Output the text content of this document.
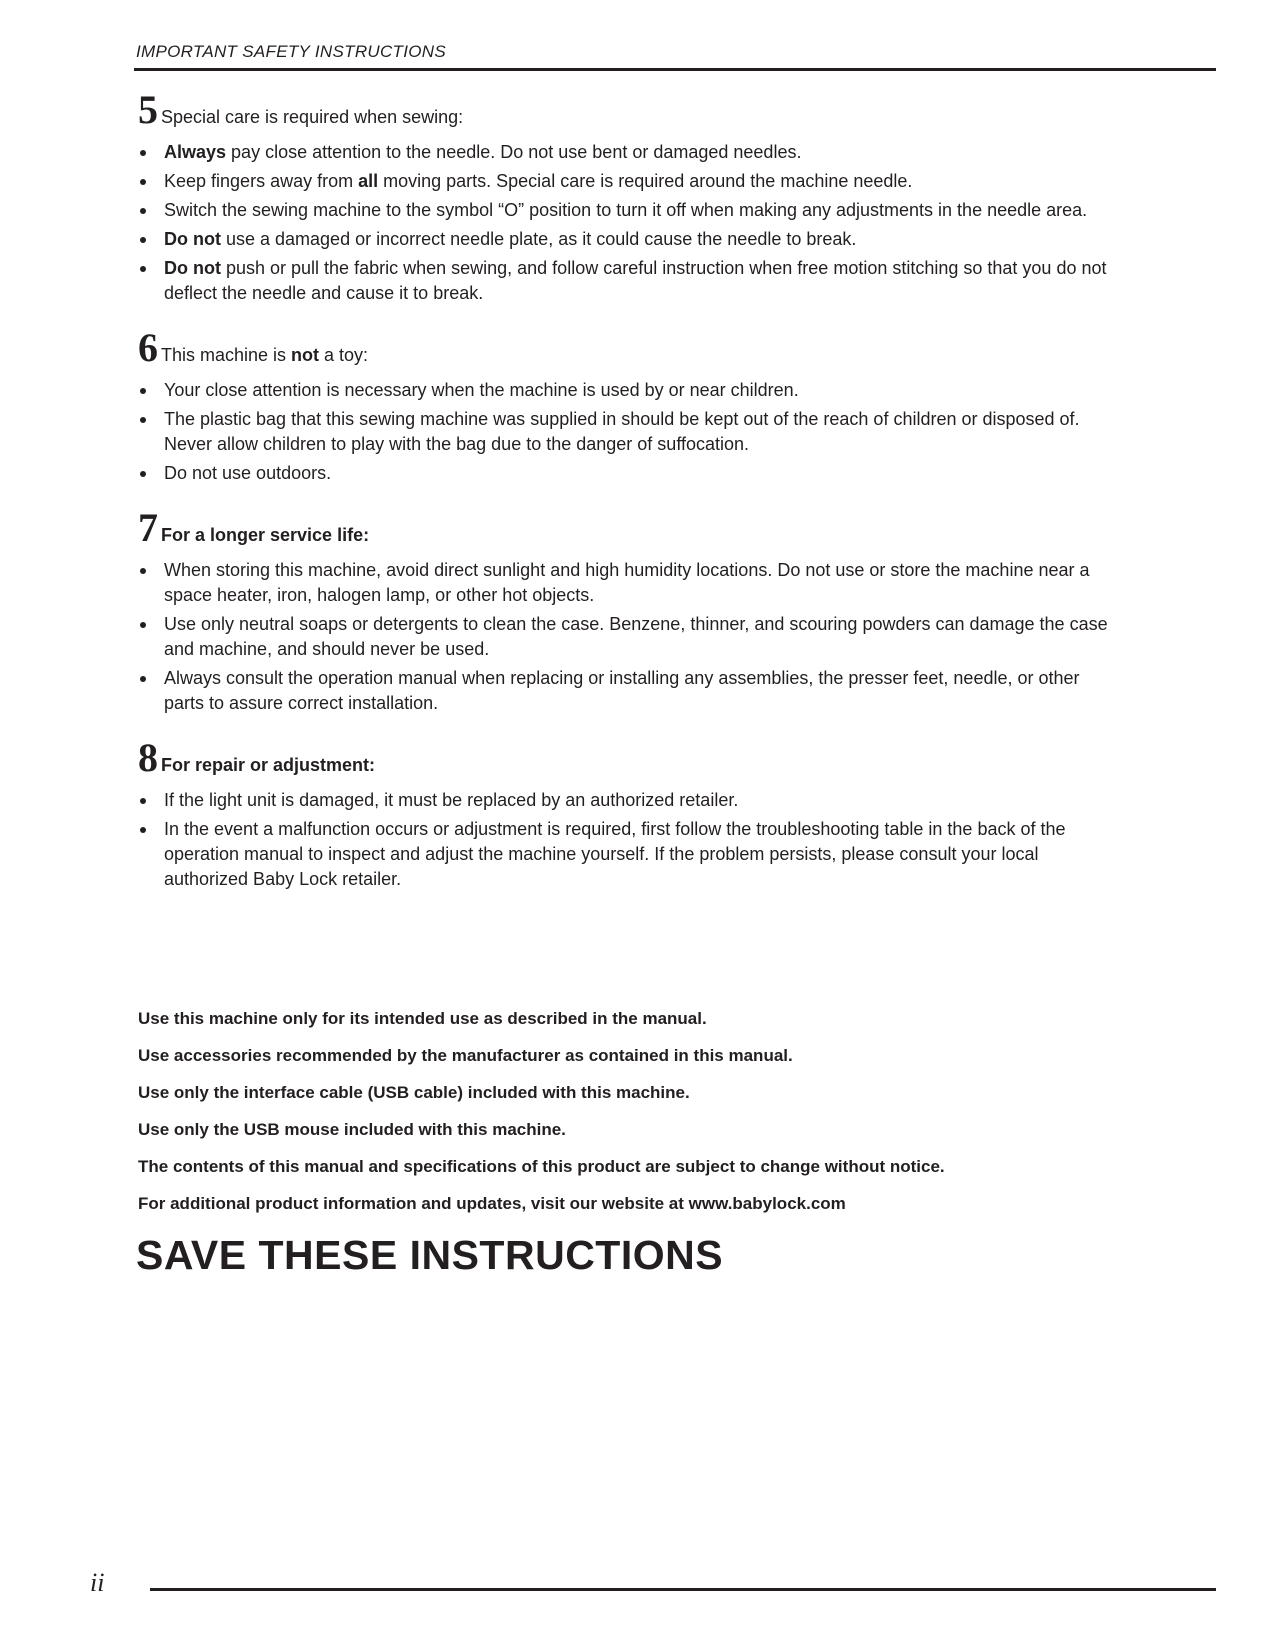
IMPORTANT SAFETY INSTRUCTIONS
5 Special care is required when sewing:
Always pay close attention to the needle. Do not use bent or damaged needles.
Keep fingers away from all moving parts. Special care is required around the machine needle.
Switch the sewing machine to the symbol “O” position to turn it off when making any adjustments in the needle area.
Do not use a damaged or incorrect needle plate, as it could cause the needle to break.
Do not push or pull the fabric when sewing, and follow careful instruction when free motion stitching so that you do not deflect the needle and cause it to break.
6 This machine is not a toy:
Your close attention is necessary when the machine is used by or near children.
The plastic bag that this sewing machine was supplied in should be kept out of the reach of children or disposed of. Never allow children to play with the bag due to the danger of suffocation.
Do not use outdoors.
7 For a longer service life:
When storing this machine, avoid direct sunlight and high humidity locations. Do not use or store the machine near a space heater, iron, halogen lamp, or other hot objects.
Use only neutral soaps or detergents to clean the case. Benzene, thinner, and scouring powders can damage the case and machine, and should never be used.
Always consult the operation manual when replacing or installing any assemblies, the presser feet, needle, or other parts to assure correct installation.
8 For repair or adjustment:
If the light unit is damaged, it must be replaced by an authorized retailer.
In the event a malfunction occurs or adjustment is required, first follow the troubleshooting table in the back of the operation manual to inspect and adjust the machine yourself. If the problem persists, please consult your local authorized Baby Lock retailer.
Use this machine only for its intended use as described in the manual.
Use accessories recommended by the manufacturer as contained in this manual.
Use only the interface cable (USB cable) included with this machine.
Use only the USB mouse included with this machine.
The contents of this manual and specifications of this product are subject to change without notice.
For additional product information and updates, visit our website at www.babylock.com
SAVE THESE INSTRUCTIONS
ii
